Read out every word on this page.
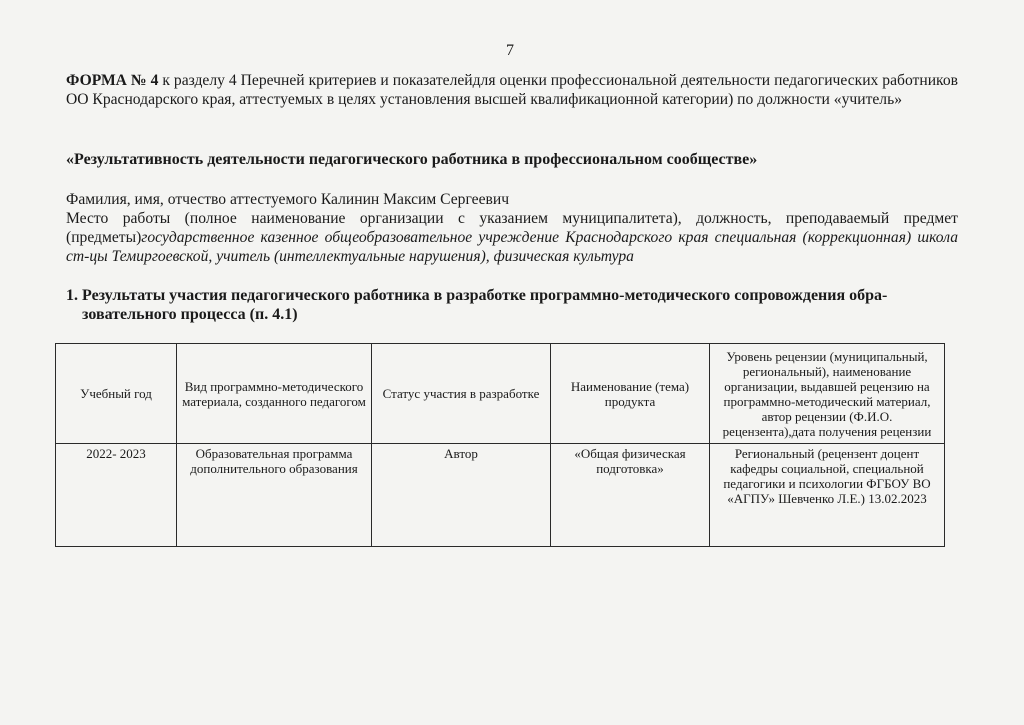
7
ФОРМА № 4 к разделу 4 Перечней критериев и показателейдля оценки профессиональной деятельности педагогических работников ОО Краснодарского края, аттестуемых в целях установления высшей квалификационной категории) по должности «учитель»
«Результативность деятельности педагогического работника в профессиональном сообществе»
Фамилия, имя, отчество аттестуемого Калинин Максим Сергеевич
Место работы (полное наименование организации с указанием муниципалитета), должность, преподаваемый предмет (предметы)государственное казенное общеобразовательное учреждение Краснодарского края специальная (коррекционная) школа ст-цы Темиргоевской, учитель (интеллектуальные нарушения), физическая культура
1. Результаты участия педагогического работника в разработке программно-методического сопровождения обра-
зовательного процесса (п. 4.1)
Учебный год	Вид программно-методического материала, созданного педагогом	Статус участия в разработке	Наименование (тема) продукта	Уровень рецензии (муниципальный, региональный), наименование организации, выдавшей рецензию на программно-методический материал, автор рецензии (Ф.И.О. рецензента),дата получения рецензии
2022- 2023	Образовательная программа дополнительного образования	Автор	«Общая физическая подготовка»	Региональный (рецензент доцент кафедры социальной, специальной педагогики и психологии ФГБОУ ВО «АГПУ» Шевченко Л.Е.) 13.02.2023
